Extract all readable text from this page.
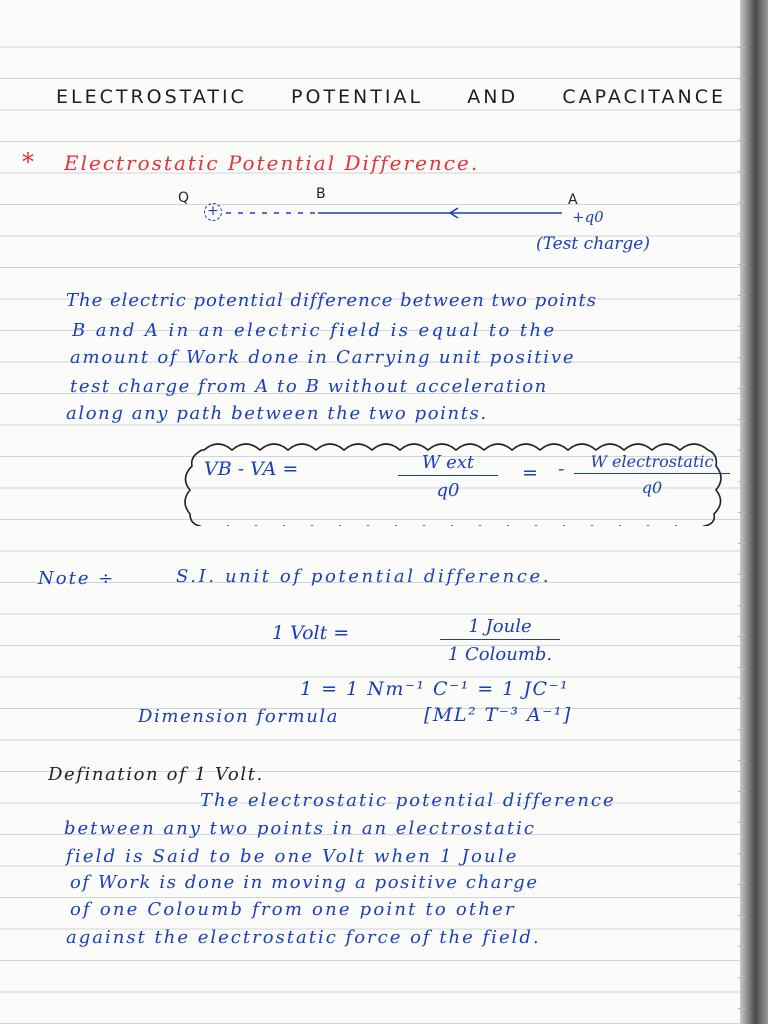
ELECTROSTATIC POTENTIAL AND CAPACITANCE
* Electrostatic Potential Difference.
Q
+
B	A
+q0
(Test charge)
The electric potential difference between two points
B and A in an electric field is equal to the
amount of Work done in Carrying unit positive
test charge from A to B without acceleration
along any path between the two points.
VB - VA =	W ext
q0
= -	W electrostatic
q0
Note ÷	S.I. unit of potential difference.
1 Volt =	1 Joule
1 Coloumb.
1 = 1 Nm⁻¹ C⁻¹ = 1 JC⁻¹
Dimension formula	[ML² T⁻³ A⁻¹]
Defination of 1 Volt.
The electrostatic potential difference
between any two points in an electrostatic
field is Said to be one Volt when 1 Joule
of Work is done in moving a positive charge
of one Coloumb from one point to other
against the electrostatic force of the field.
